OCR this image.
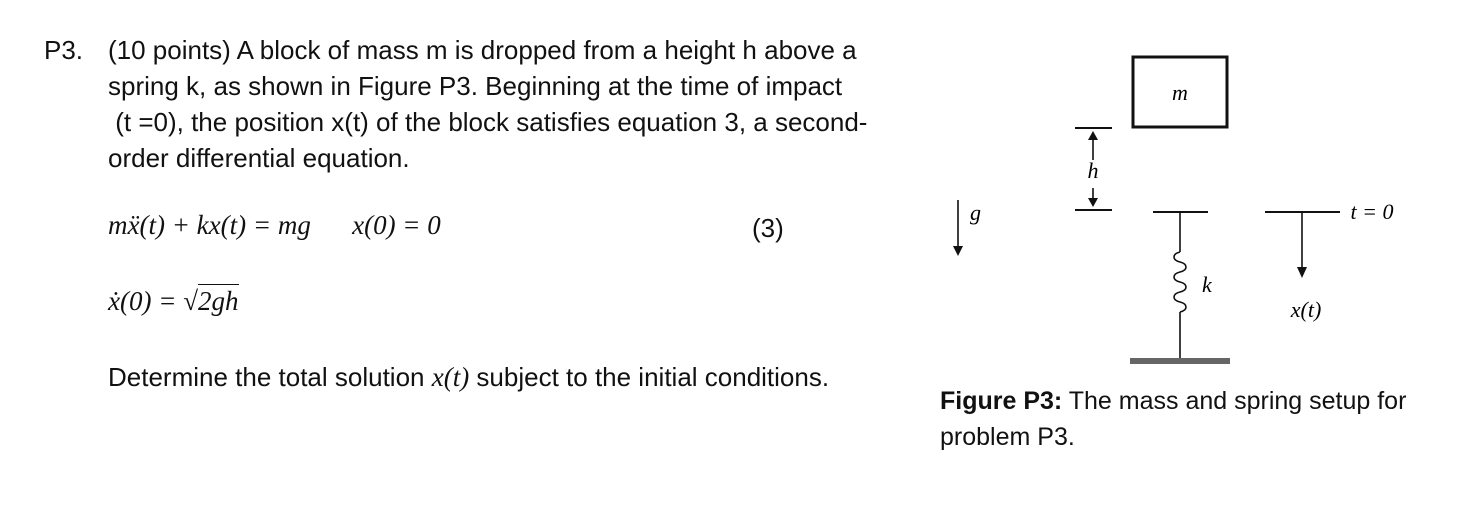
P3. (10 points) A block of mass m is dropped from a height h above a
spring k, as shown in Figure P3. Beginning at the time of impact
(t =0), the position x(t) of the block satisfies equation 3, a second-
order differential equation.
mẍ(t) + kx(t) = mg x(0) = 0	(3)
ẋ(0) = √2gh
Determine the total solution x(t) subject to the initial conditions.
m
h
g
k
t = 0
x(t)
Figure P3: The mass and spring setup for problem P3.
